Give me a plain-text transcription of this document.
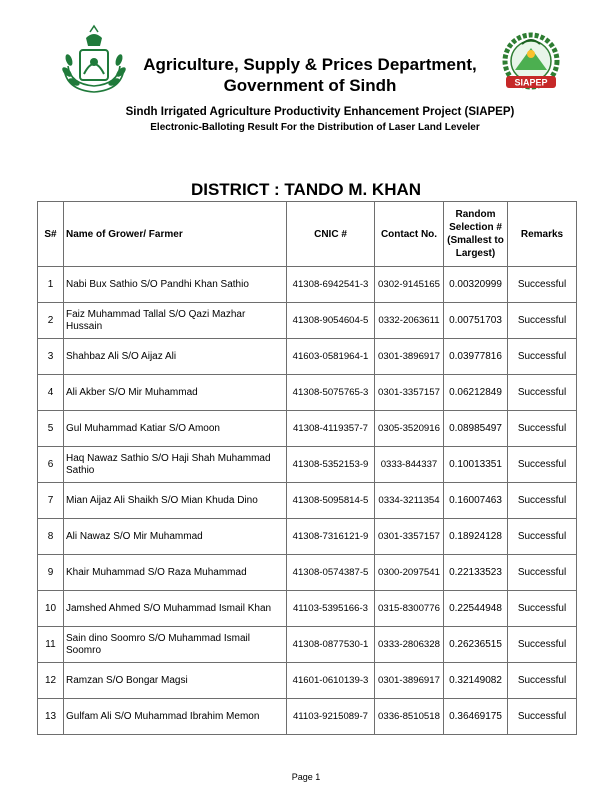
SIAPEP
Agriculture, Supply & Prices Department,
Government of Sindh
Sindh Irrigated Agriculture Productivity Enhancement Project (SIAPEP)
Electronic-Balloting Result For the Distribution of Laser Land Leveler
DISTRICT : TANDO M. KHAN
S#	Name of Grower/ Farmer	CNIC #	Contact No.	Random Selection # (Smallest to Largest)	Remarks
1	Nabi Bux Sathio S/O Pandhi Khan Sathio	41308-6942541-3	0302-9145165	0.00320999	Successful
2	Faiz Muhammad Tallal S/O Qazi Mazhar Hussain	41308-9054604-5	0332-2063611	0.00751703	Successful
3	Shahbaz Ali S/O Aijaz Ali	41603-0581964-1	0301-3896917	0.03977816	Successful
4	Ali Akber S/O Mir Muhammad	41308-5075765-3	0301-3357157	0.06212849	Successful
5	Gul Muhammad Katiar S/O Amoon	41308-4119357-7	0305-3520916	0.08985497	Successful
6	Haq Nawaz Sathio S/O Haji Shah Muhammad Sathio	41308-5352153-9	0333-844337	0.10013351	Successful
7	Mian Aijaz Ali Shaikh S/O Mian Khuda Dino	41308-5095814-5	0334-3211354	0.16007463	Successful
8	Ali Nawaz S/O Mir Muhammad	41308-7316121-9	0301-3357157	0.18924128	Successful
9	Khair Muhammad S/O Raza Muhammad	41308-0574387-5	0300-2097541	0.22133523	Successful
10	Jamshed Ahmed S/O Muhammad Ismail Khan	41103-5395166-3	0315-8300776	0.22544948	Successful
11	Sain dino Soomro S/O Muhammad Ismail Soomro	41308-0877530-1	0333-2806328	0.26236515	Successful
12	Ramzan S/O Bongar Magsi	41601-0610139-3	0301-3896917	0.32149082	Successful
13	Gulfam Ali S/O Muhammad Ibrahim Memon	41103-9215089-7	0336-8510518	0.36469175	Successful
Page 1
